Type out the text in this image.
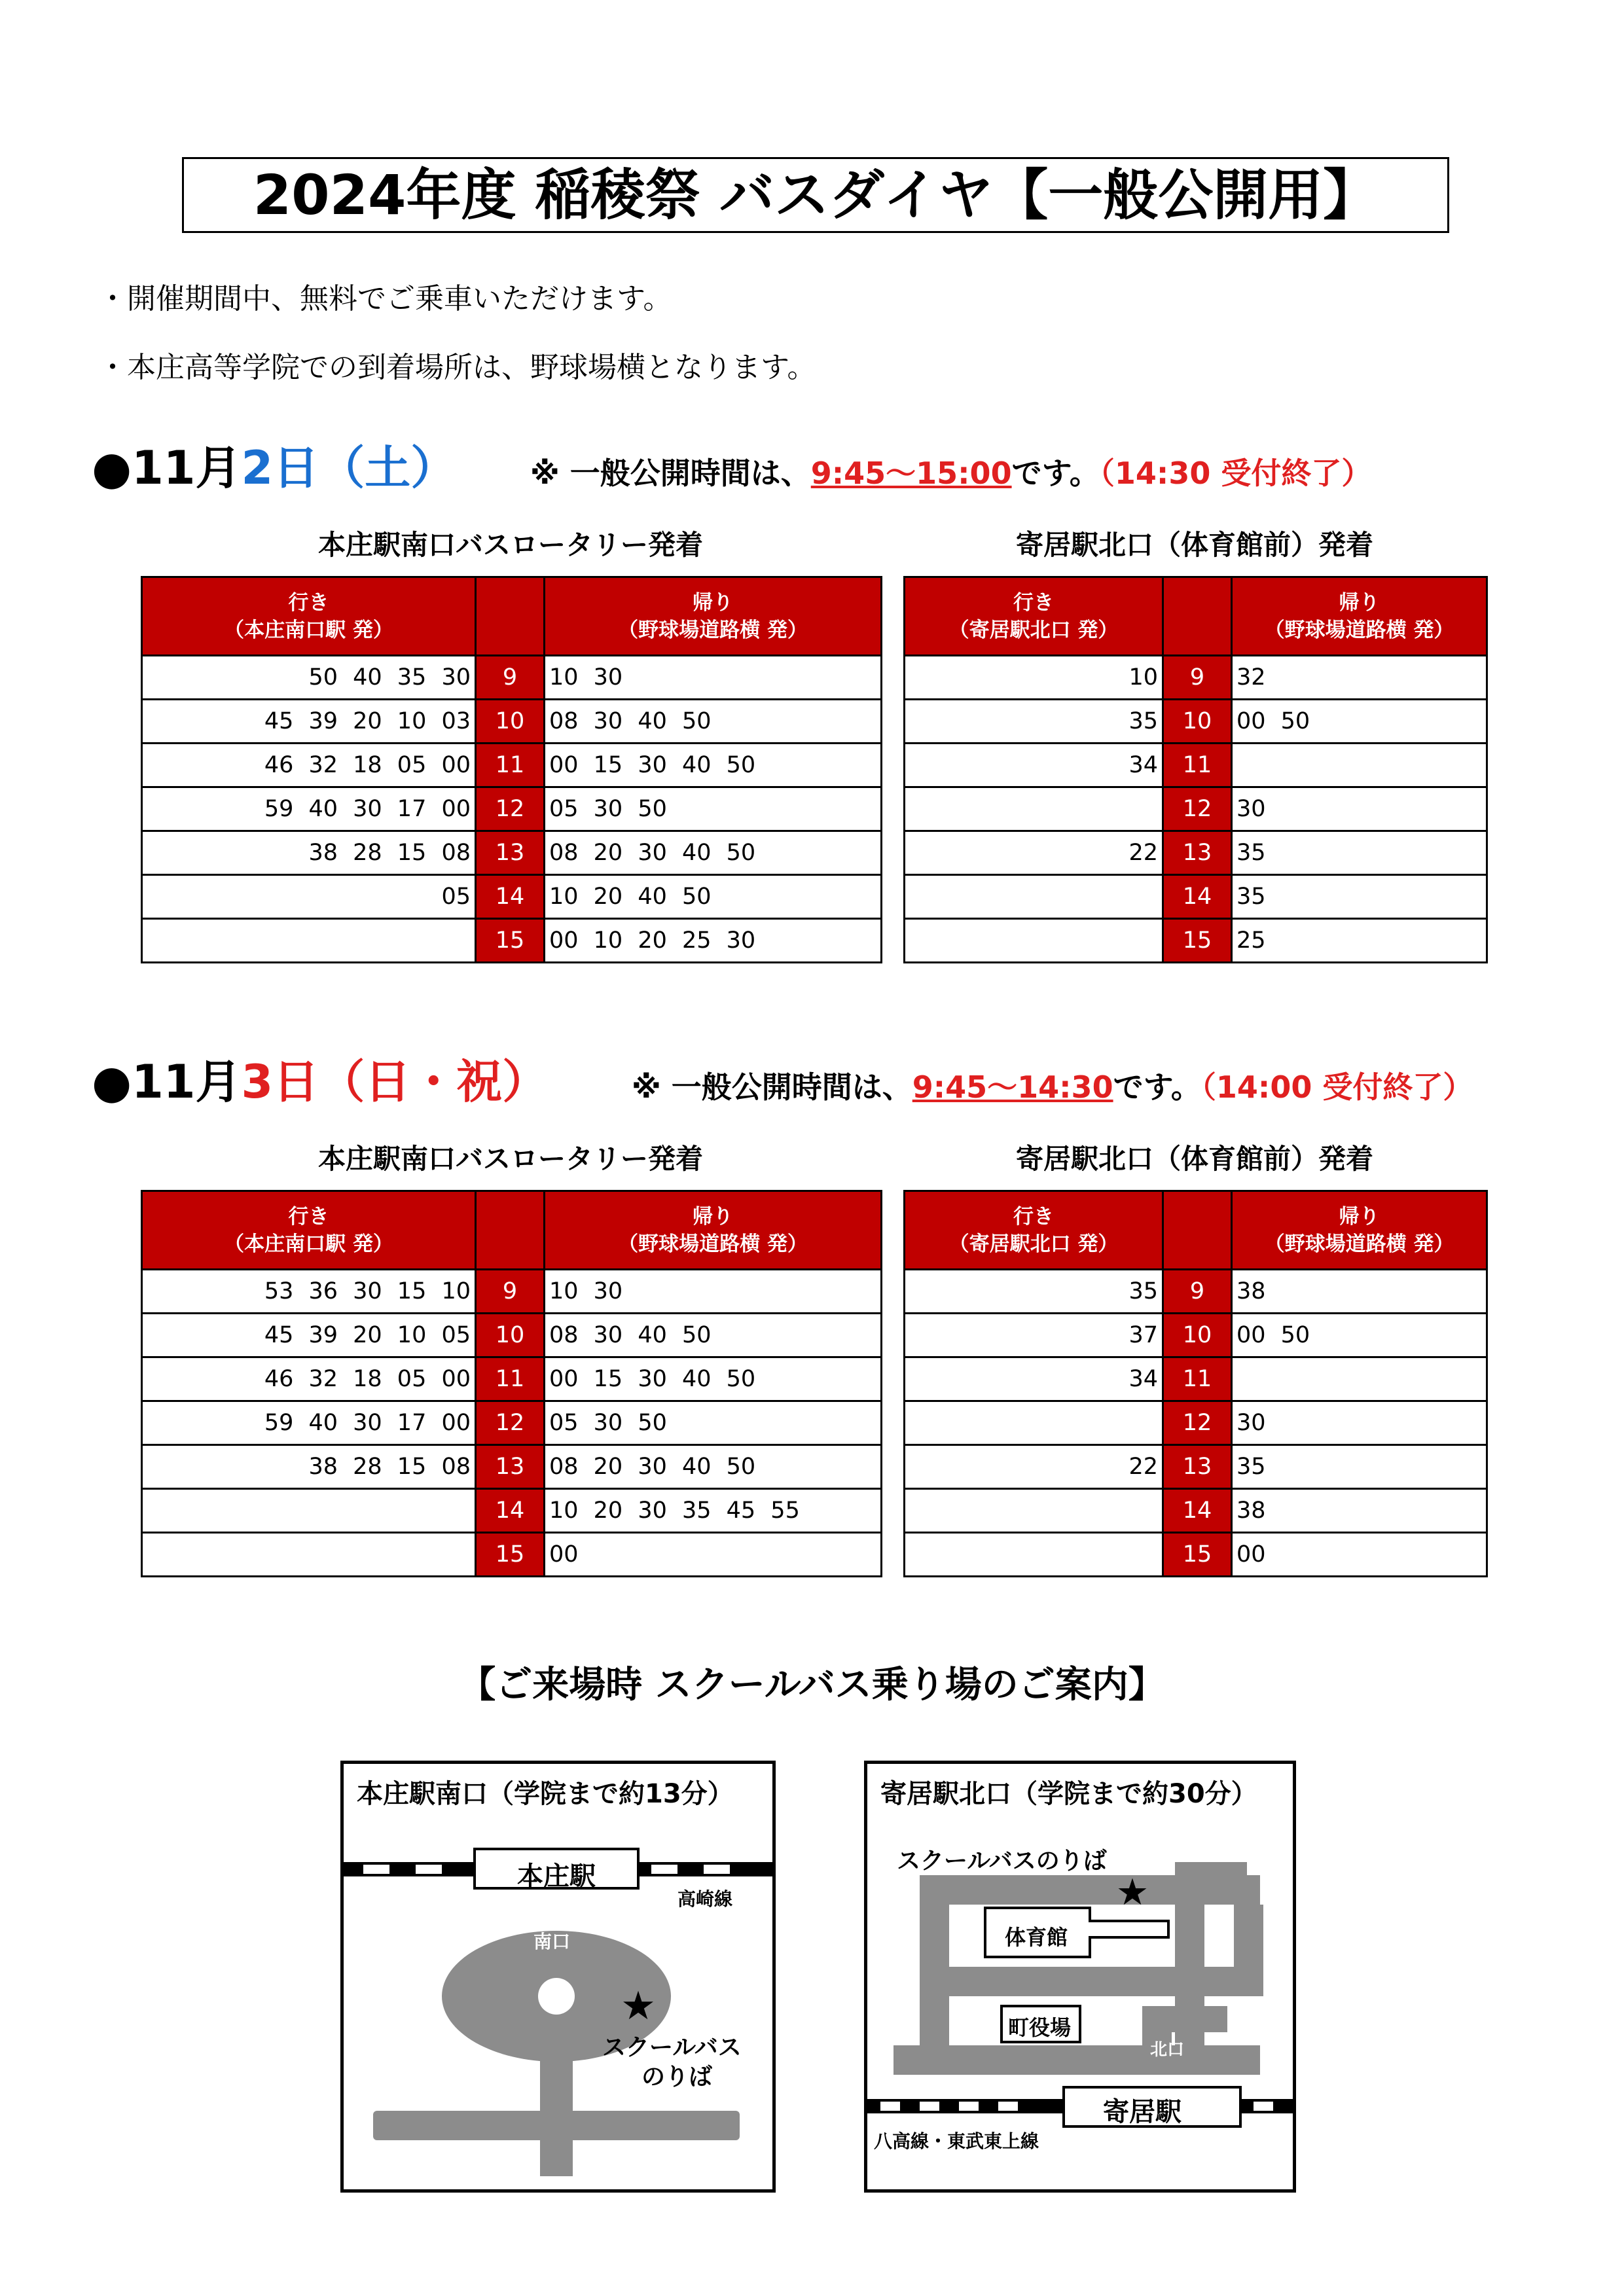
2024年度 稲稜祭 バスダイヤ【一般公開用】
・開催期間中、無料でご乗車いただけます。
・本庄高等学院での到着場所は、野球場横となります。
●11月2日（土） ※ 一般公開時間は、9:45～15:00です。（14:30 受付終了）
本庄駅南口バスロータリー発着	寄居駅北口（体育館前）発着
行き
（本庄南口駅 発）		帰り
（野球場道路横 発）
50 40 35 30	9	10 30
45 39 20 10 03	10	08 30 40 50
46 32 18 05 00	11	00 15 30 40 50
59 40 30 17 00	12	05 30 50
38 28 15 08	13	08 20 30 40 50
05	14	10 20 40 50
	15	00 10 20 25 30
行き
（寄居駅北口 発）		帰り
（野球場道路横 発）
10	9	32
35	10	00 50
34	11	
	12	30
22	13	35
	14	35
	15	25
●11月3日（日・祝）	※ 一般公開時間は、9:45～14:30です。（14:00 受付終了）
本庄駅南口バスロータリー発着	寄居駅北口（体育館前）発着
行き
（本庄南口駅 発）		帰り
（野球場道路横 発）
53 36 30 15 10	9	10 30
45 39 20 10 05	10	08 30 40 50
46 32 18 05 00	11	00 15 30 40 50
59 40 30 17 00	12	05 30 50
38 28 15 08	13	08 20 30 40 50
	14	10 20 30 35 45 55
	15	00
行き
（寄居駅北口 発）		帰り
（野球場道路横 発）
35	9	38
37	10	00 50
34	11	
	12	30
22	13	35
	14	38
	15	00
【ご来場時 スクールバス乗り場のご案内】
本庄駅南口（学院まで約13分）
★
本庄駅
高崎線
南口
スクールバス
のりば
寄居駅北口（学院まで約30分）
★
スクールバスのりば
体育館
町役場
北口
寄居駅
八高線・東武東上線
